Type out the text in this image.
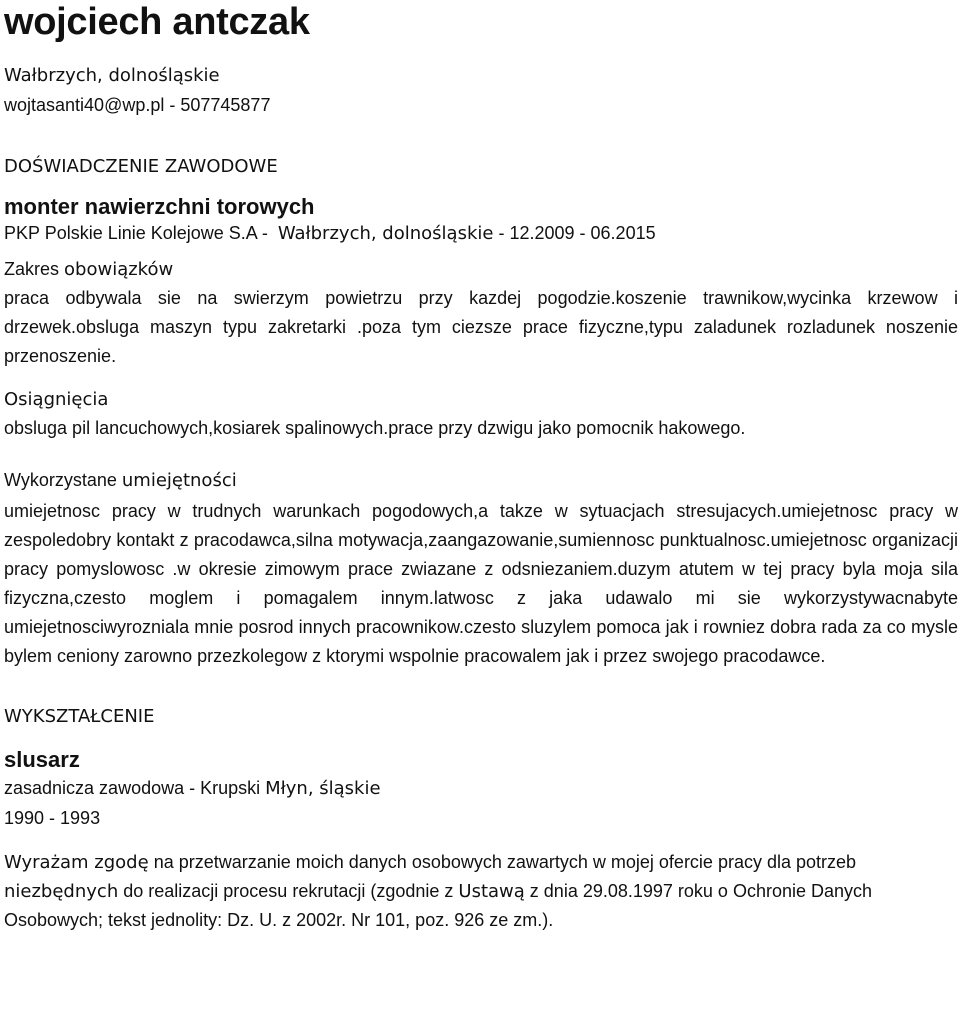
wojciech antczak

Wałbrzych, dolnośląskie

wojtasanti40@wp.pl - 507745877

DOŚWIADCZENIE ZAWODOWE

monter nawierzchni torowych

PKP Polskie Linie Kolejowe S.A -  Wałbrzych, dolnośląskie - 12.2009 - 06.2015

Zakres obowiązków

praca odbywala sie na swierzym powietrzu przy kazdej pogodzie.koszenie trawnikow,wycinka krzewow i drzewek.obsluga maszyn typu zakretarki .poza tym ciezsze prace fizyczne,typu zaladunek rozladunek noszenie przenoszenie.

Osiągnięcia

obsluga pil lancuchowych,kosiarek spalinowych.prace przy dzwigu jako pomocnik hakowego.

Wykorzystane umiejętności

umiejetnosc pracy w trudnych warunkach pogodowych,a takze w sytuacjach stresujacych.umiejetnosc pracy w zespoledobry kontakt z pracodawca,silna motywacja,zaangazowanie,sumiennosc punktualnosc.umiejetnosc organizacji pracy pomyslowosc .w okresie zimowym prace zwiazane z odsniezaniem.duzym atutem w tej pracy byla moja sila fizyczna,czesto moglem i pomagalem innym.latwosc z jaka udawalo mi sie wykorzystywacnabyte umiejetnosciwyrozniala mnie posrod innych pracownikow.czesto sluzylem pomoca jak i rowniez dobra rada za co mysle bylem ceniony zarowno przezkolegow z ktorymi wspolnie pracowalem jak i przez swojego pracodawce.

WYKSZTAŁCENIE

slusarz

zasadnicza zawodowa - Krupski Młyn, śląskie

1990 - 1993

Wyrażam zgodę na przetwarzanie moich danych osobowych zawartych w mojej ofercie pracy dla potrzeb niezbędnych do realizacji procesu rekrutacji (zgodnie z Ustawą z dnia 29.08.1997 roku o Ochronie Danych Osobowych; tekst jednolity: Dz. U. z 2002r. Nr 101, poz. 926 ze zm.).
